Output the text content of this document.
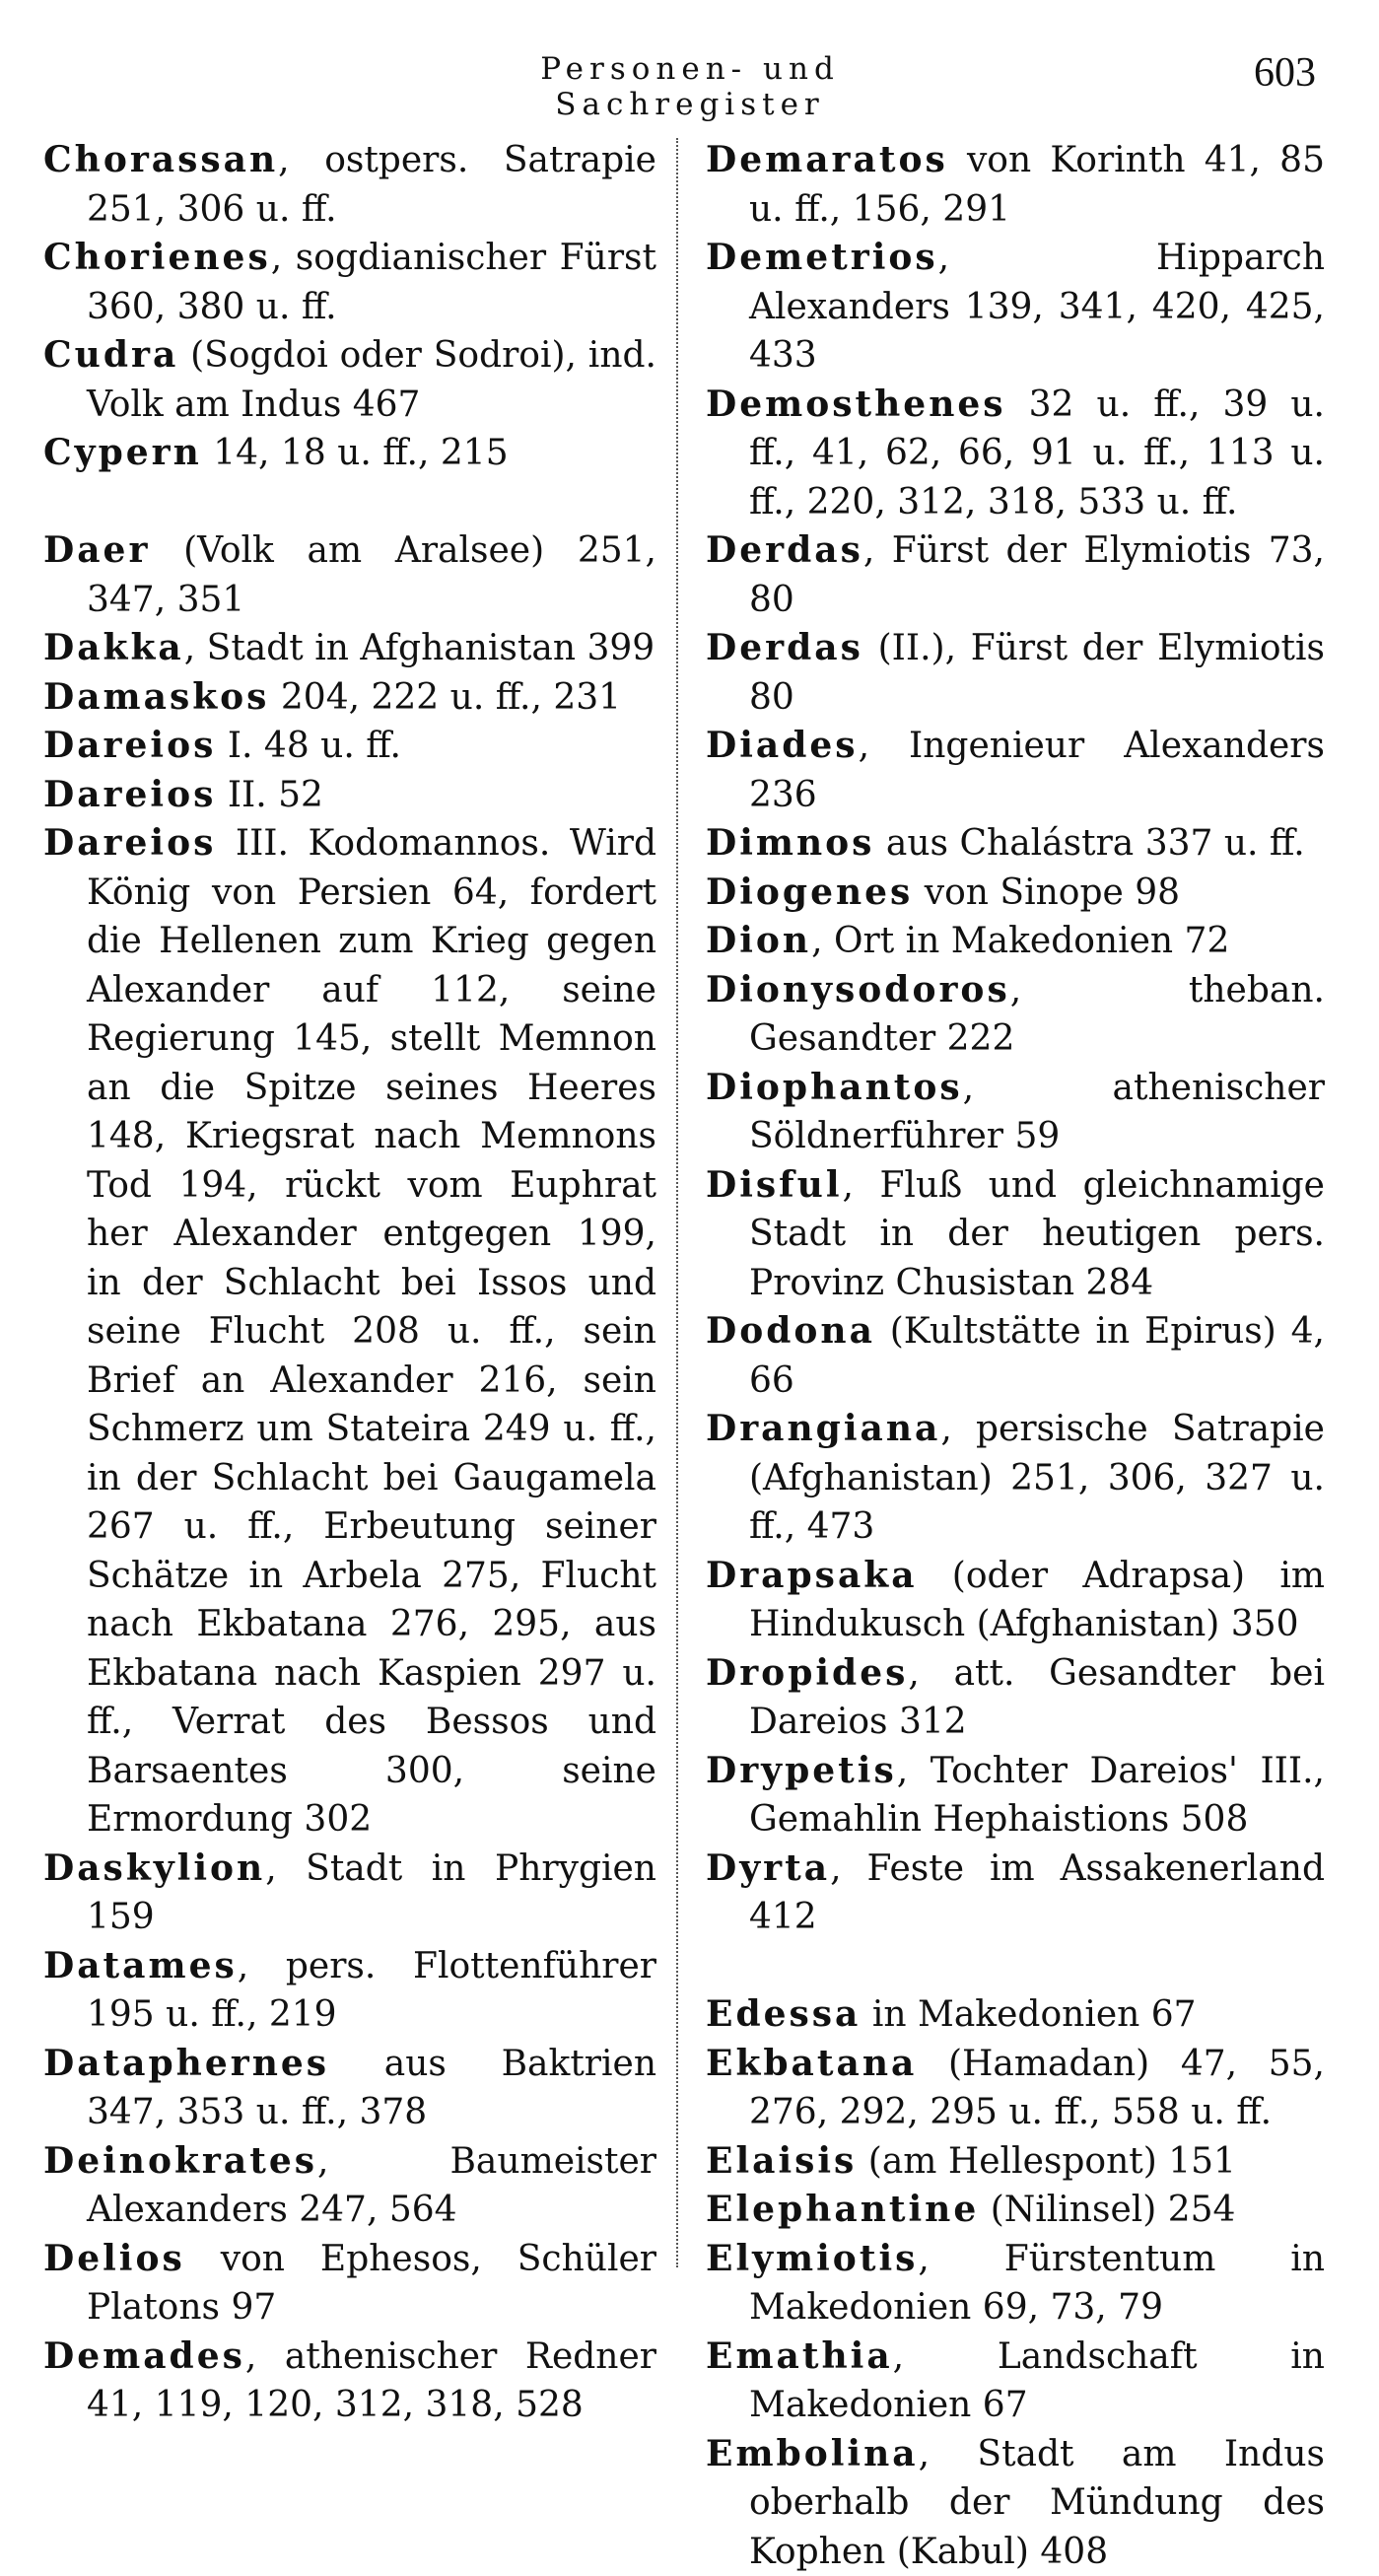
Personen- und Sachregister
603

Chorassan, ostpers. Satrapie 251, 306 u. ff.

Chorienes, sogdianischer Fürst 360, 380 u. ff.

Cudra (Sogdoi oder Sodroi), ind. Volk am Indus 467

Cypern 14, 18 u. ff., 215

Daer (Volk am Aralsee) 251, 347, 351

Dakka, Stadt in Afghanistan 399

Damaskos 204, 222 u. ff., 231

Dareios I. 48 u. ff.

Dareios II. 52

Dareios III. Kodomannos. Wird König von Persien 64, fordert die Hellenen zum Krieg gegen Alexander auf 112, seine Regierung 145, stellt Memnon an die Spitze seines Heeres 148, Kriegsrat nach Memnons Tod 194, rückt vom Euphrat her Alexander entgegen 199, in der Schlacht bei Issos und seine Flucht 208 u. ff., sein Brief an Alexander 216, sein Schmerz um Stateira 249 u. ff., in der Schlacht bei Gaugamela 267 u. ff., Erbeutung seiner Schätze in Arbela 275, Flucht nach Ekbatana 276, 295, aus Ekbatana nach Kaspien 297 u. ff., Verrat des Bessos und Barsaentes 300, seine Ermordung 302

Daskylion, Stadt in Phrygien 159

Datames, pers. Flottenführer 195 u. ff., 219

Dataphernes aus Baktrien 347, 353 u. ff., 378

Deinokrates, Baumeister Alexanders 247, 564

Delios von Ephesos, Schüler Platons 97

Demades, athenischer Redner 41, 119, 120, 312, 318, 528

Demaratos von Korinth 41, 85 u. ff., 156, 291

Demetrios, Hipparch Alexanders 139, 341, 420, 425, 433

Demosthenes 32 u. ff., 39 u. ff., 41, 62, 66, 91 u. ff., 113 u. ff., 220, 312, 318, 533 u. ff.

Derdas, Fürst der Elymiotis 73, 80

Derdas (II.), Fürst der Elymiotis 80

Diades, Ingenieur Alexanders 236

Dimnos aus Chalástra 337 u. ff.

Diogenes von Sinope 98

Dion, Ort in Makedonien 72

Dionysodoros, theban. Gesandter 222

Diophantos, athenischer Söldnerführer 59

Disful, Fluß und gleichnamige Stadt in der heutigen pers. Provinz Chusistan 284

Dodona (Kultstätte in Epirus) 4, 66

Drangiana, persische Satrapie (Afghanistan) 251, 306, 327 u. ff., 473

Drapsaka (oder Adrapsa) im Hindukusch (Afghanistan) 350

Dropides, att. Gesandter bei Dareios 312

Drypetis, Tochter Dareios' III., Gemahlin Hephaistions 508

Dyrta, Feste im Assakenerland 412

Edessa in Makedonien 67

Ekbatana (Hamadan) 47, 55, 276, 292, 295 u. ff., 558 u. ff.

Elaisis (am Hellespont) 151

Elephantine (Nilinsel) 254

Elymiotis, Fürstentum in Makedonien 69, 73, 79

Emathia, Landschaft in Makedonien 67

Embolina, Stadt am Indus oberhalb der Mündung des Kophen (Kabul) 408
